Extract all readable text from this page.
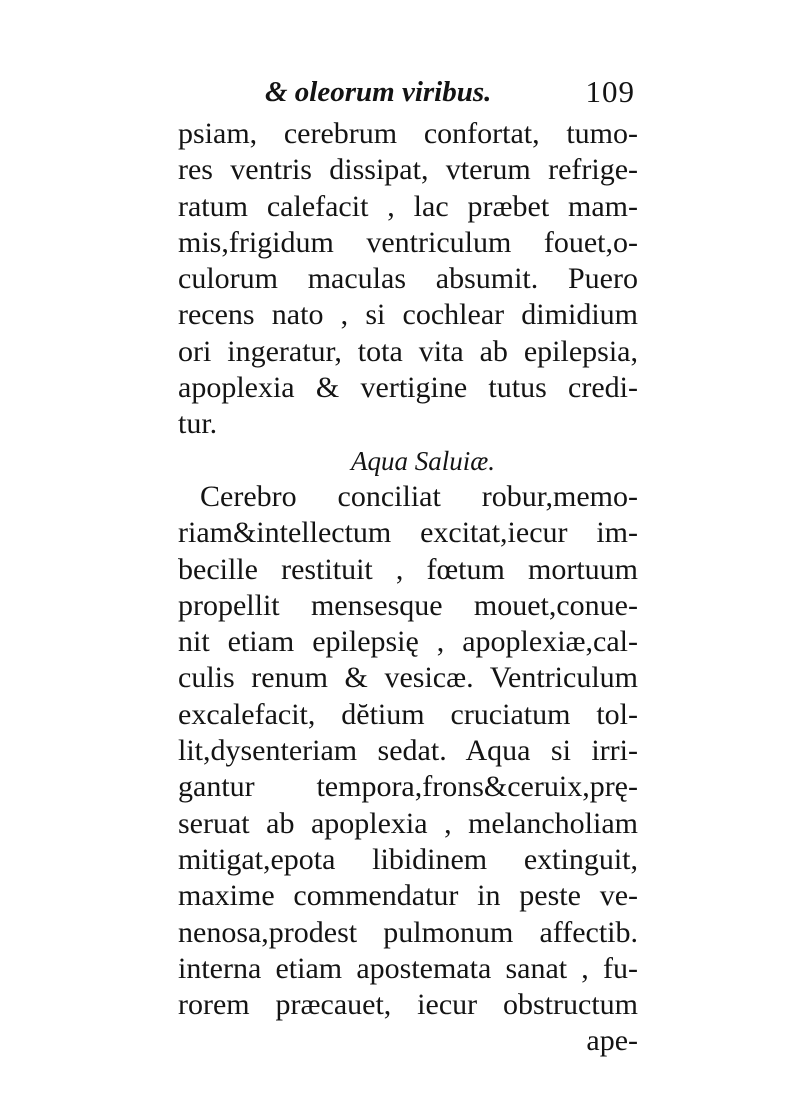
& olеorum viribus.	109
psiam, cerebrum confortat, tumo-
res ventris dissipat, vterum refrige-
ratum calefacit , lac præbet mam-
mis,frigidum ventriculum fouet,o-
culorum maculas absumit. Puero
recens nato , si cochlear dimidium
ori ingeratur, tota vita ab epilepsia,
apoplexia & vertigine tutus credi-
tur.
Aqua Saluiæ.
Cerebro conciliat robur,memo-
riam&intellectum excitat,iecur im-
becille restituit , fœtum mortuum
propellit mensesque mouet,conue-
nit etiam epilepsię , apoplexiæ,cal-
culis renum & vesicæ. Ventriculum
excalefacit, dĕtium cruciatum tol-
lit,dysenteriam sedat. Aqua si irri-
gantur tempora,frons&ceruix,prę-
seruat ab apoplexia , melancholiam
mitigat,epota libidinem extinguit,
maxime commendatur in peste ve-
nenosa,prodest pulmonum affectib.
interna etiam apostemata sanat , fu-
rorem præcauet, iecur obstructum
ape-
